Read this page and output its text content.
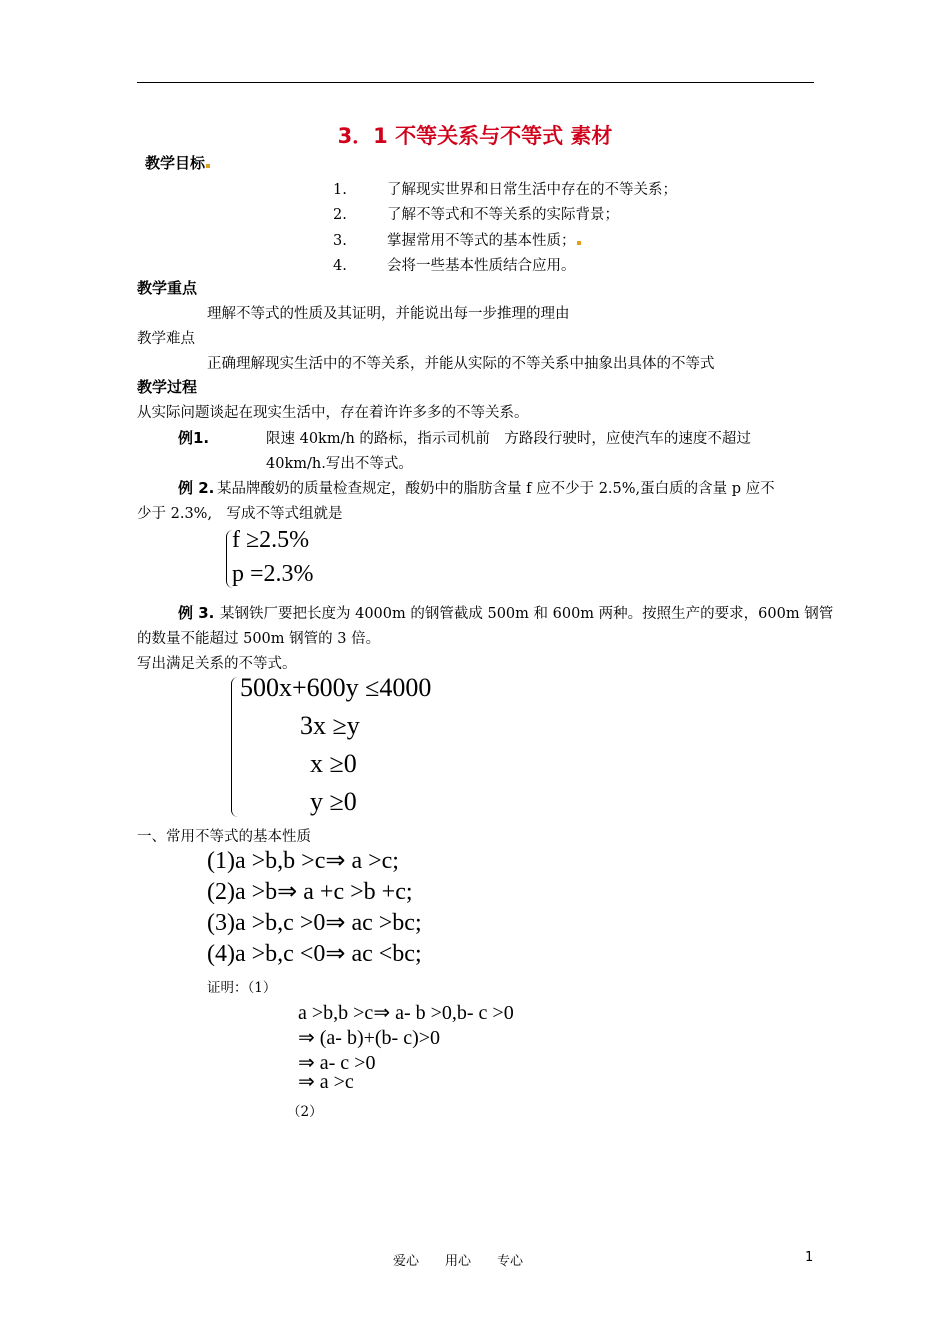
3．1 不等关系与不等式 素材
教学目标
1.	了解现实世界和日常生活中存在的不等关系；
2.	了解不等式和不等关系的实际背景；
3.	掌握常用不等式的基本性质；
4.	会将一些基本性质结合应用。
教学重点
理解不等式的性质及其证明，并能说出每一步推理的理由
教学难点
正确理解现实生活中的不等关系，并能从实际的不等关系中抽象出具体的不等式
教学过程
从实际问题谈起在现实生活中，存在着许许多多的不等关系。
例1.	限速 40km/h 的路标，指示司机前　方路段行驶时，应使汽车的速度不超过
40km/h.写出不等式。
例 2. 某品牌酸奶的质量检查规定，酸奶中的脂肪含量 f 应不少于 2.5%,蛋白质的含量 p 应不
少于 2.3%,　写成不等式组就是
f ≥2.5%
p =2.3%
例 3. 某钢铁厂要把长度为 4000m 的钢管截成 500m 和 600m 两种。按照生产的要求，600m 钢管
的数量不能超过 500m 钢管的 3 倍。
写出满足关系的不等式。
500x+600y ≤4000
3x ≥y
x ≥0
y ≥0
一、常用不等式的基本性质
(1)a >b,b >c⇒ a >c;
(2)a >b⇒ a +c >b +c;
(3)a >b,c >0⇒ ac >bc;
(4)a >b,c <0⇒ ac <bc;
证明：（1）
a >b,b >c⇒ a- b >0,b- c >0
⇒ (a- b)+(b- c)>0
⇒ a- c >0
⇒ a >c
（2）
爱心　　用心　　专心	1
